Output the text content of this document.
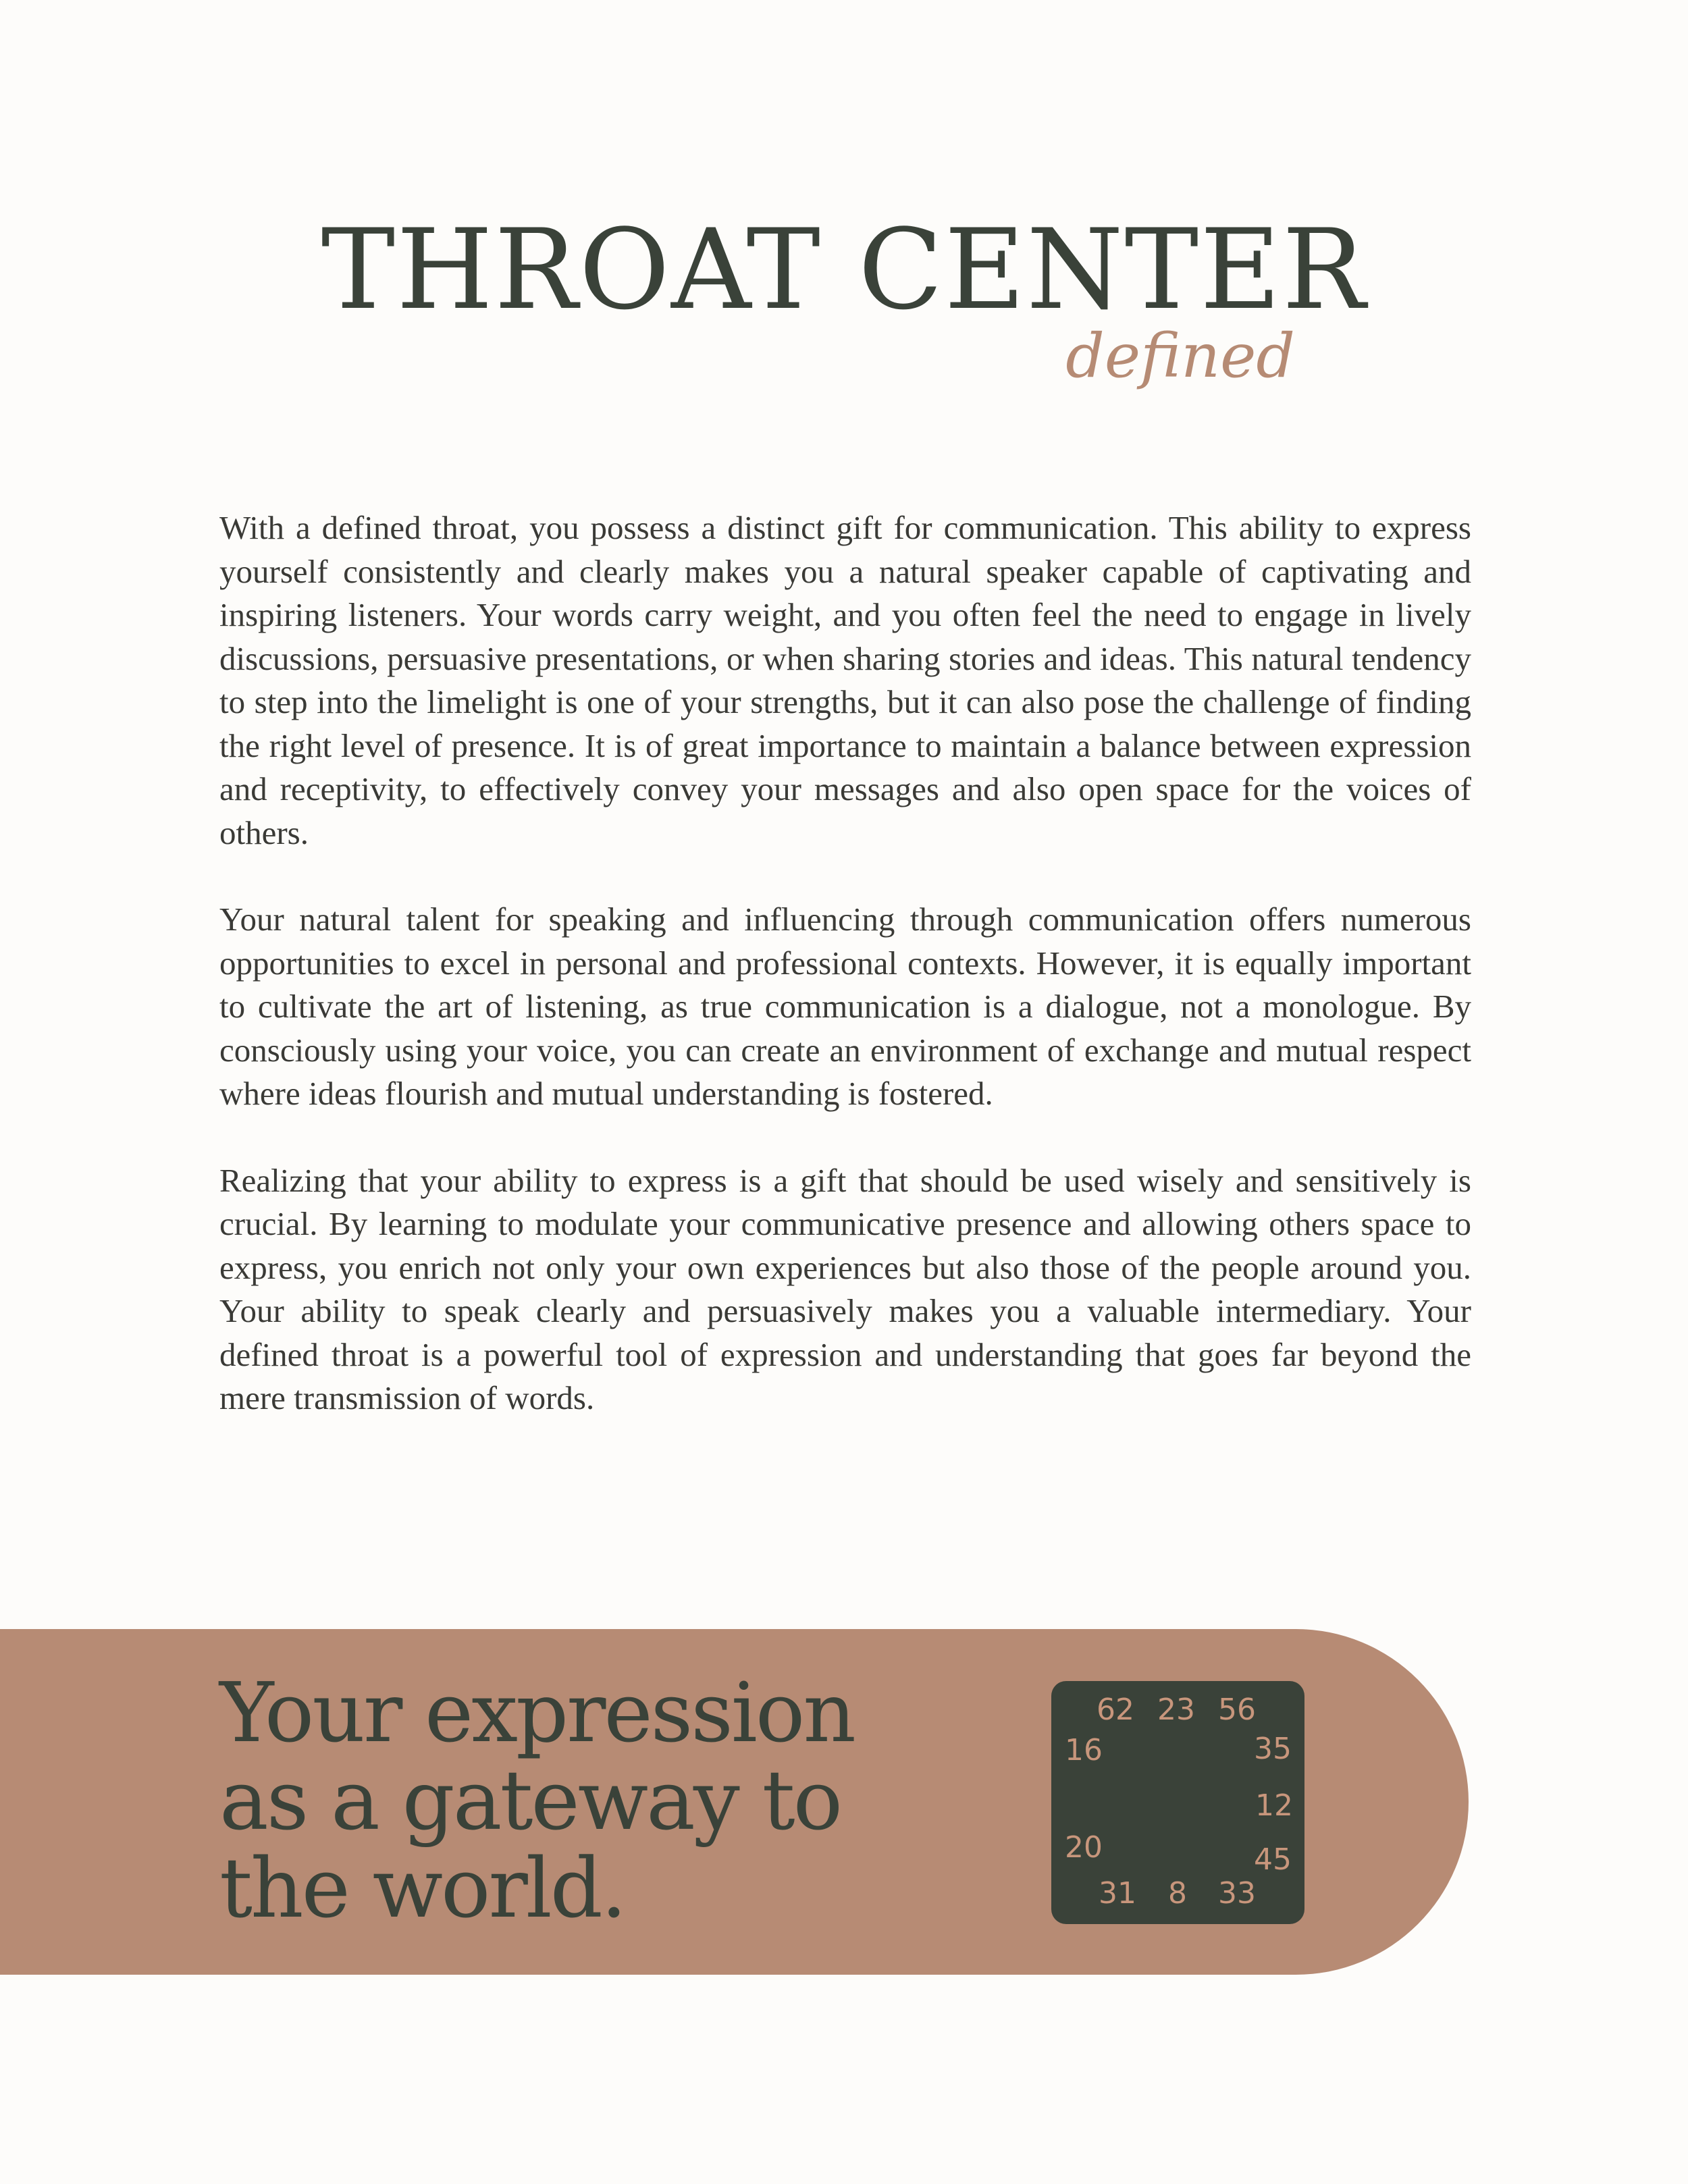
THROAT CENTER
defined

With a defined throat, you possess a distinct gift for communication. This ability to express yourself consistently and clearly makes you a natural speaker capable of captivating and inspiring listeners. Your words carry weight, and you often feel the need to engage in lively discussions, persuasive presentations, or when sharing stories and ideas. This natural tendency to step into the limelight is one of your strengths, but it can also pose the challenge of finding the right level of presence. It is of great importance to maintain a balance between expression and receptivity, to effectively convey your messages and also open space for the voices of others.

Your natural talent for speaking and influencing through communication offers numerous opportunities to excel in personal and professional contexts. However, it is equally important to cultivate the art of listening, as true communication is a dialogue, not a monologue. By consciously using your voice, you can create an environment of exchange and mutual respect where ideas flourish and mutual understanding is fostered.

Realizing that your ability to express is a gift that should be used wisely and sensitively is crucial. By learning to modulate your communicative presence and allowing others space to express, you enrich not only your own experiences but also those of the people around you. Your ability to speak clearly and persuasively makes you a valuable intermediary. Your defined throat is a powerful tool of expression and understanding that goes far beyond the mere transmission of words.

Your expression
as a gateway to
the world.
62 23 56
16	35
12
20	45
31 8 33
